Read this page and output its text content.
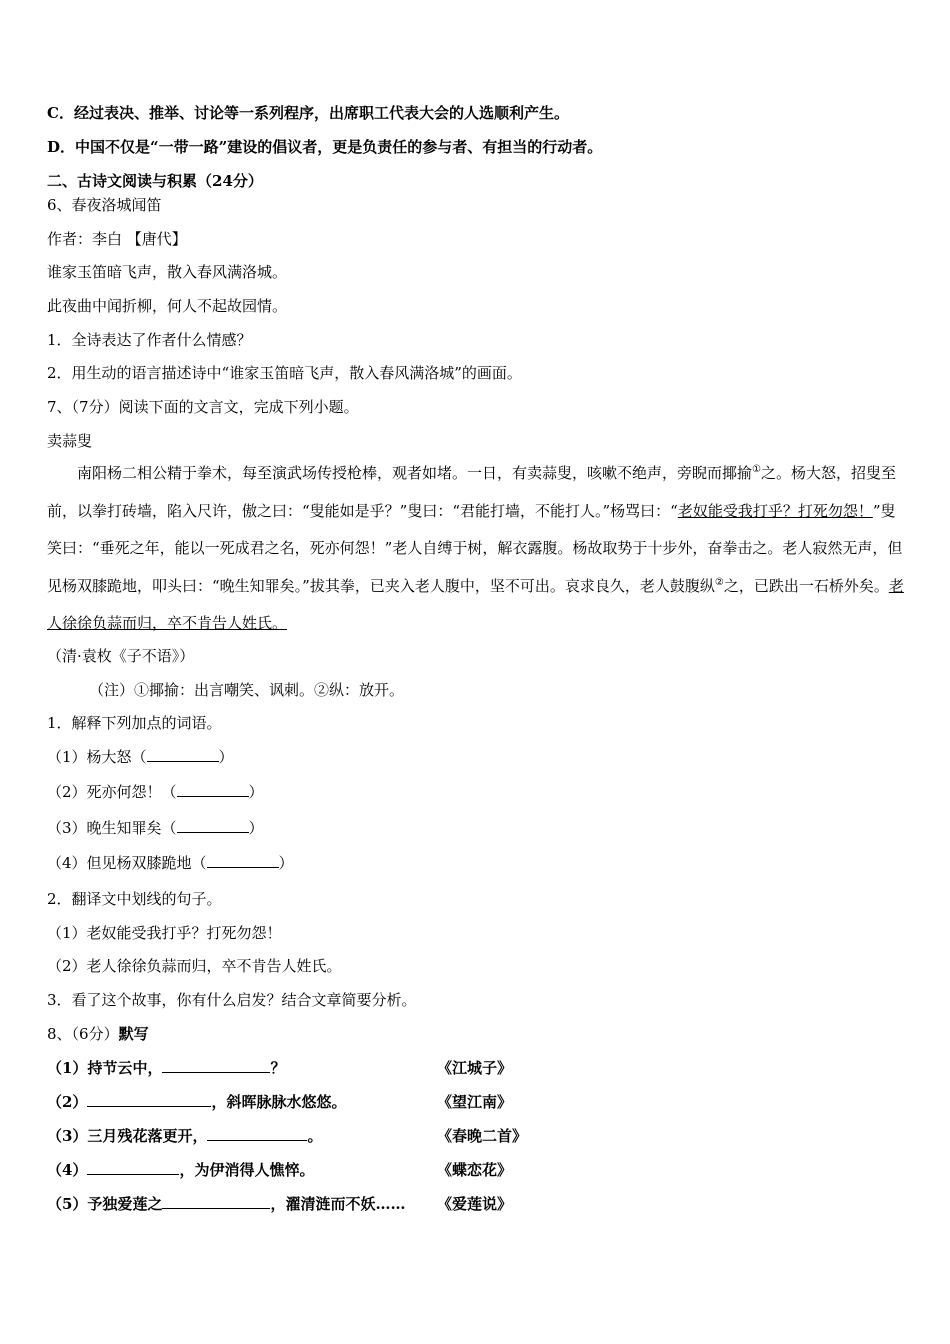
C．经过表决、推举、讨论等一系列程序，出席职工代表大会的人选顺利产生。
D．中国不仅是“一带一路”建设的倡议者，更是负责任的参与者、有担当的行动者。
二、古诗文阅读与积累（24分）
6、春夜洛城闻笛
作者：李白 【唐代】
谁家玉笛暗飞声，散入春风满洛城。
此夜曲中闻折柳，何人不起故园情。
1．全诗表达了作者什么情感？
2．用生动的语言描述诗中“谁家玉笛暗飞声，散入春风满洛城”的画面。
7、（7分）阅读下面的文言文，完成下列小题。
卖蒜叟
南阳杨二相公精于拳术，每至演武场传授枪棒，观者如堵。一日，有卖蒜叟，咳嗽不绝声，旁睨而揶揄①之。杨大怒，招叟至前，以拳打砖墙，陷入尺许，傲之曰：“叟能如是乎？”叟曰：“君能打墙，不能打人。”杨骂曰：“老奴能受我打乎？打死勿怨！”叟笑曰：“垂死之年，能以一死成君之名，死亦何怨！”老人自缚于树，解衣露腹。杨故取势于十步外，奋拳击之。老人寂然无声，但见杨双膝跪地，叩头曰：“晚生知罪矣。”拔其拳，已夹入老人腹中，坚不可出。哀求良久，老人鼓腹纵②之，已跌出一石桥外矣。老人徐徐负蒜而归，卒不肯告人姓氏。
（清·袁枚《子不语》）
（注）①揶揄：出言嘲笑、讽刺。②纵：放开。
1．解释下列加点的词语。
（1）杨大怒（	）
（2）死亦何怨！（	）
（3）晚生知罪矣（	）
（4）但见杨双膝跪地（	）
2．翻译文中划线的句子。
（1）老奴能受我打乎？打死勿怨！
（2）老人徐徐负蒜而归，卒不肯告人姓氏。
3．看了这个故事，你有什么启发？结合文章简要分析。
8、（6分）默写
（1）持节云中，	？	《江城子》
（2）	，斜晖脉脉水悠悠。	《望江南》
（3）三月残花落更开，	。	《春晚二首》
（4）	，为伊消得人憔悴。	《蝶恋花》
（5）予独爱莲之	，濯清涟而不妖…… 《爱莲说》
